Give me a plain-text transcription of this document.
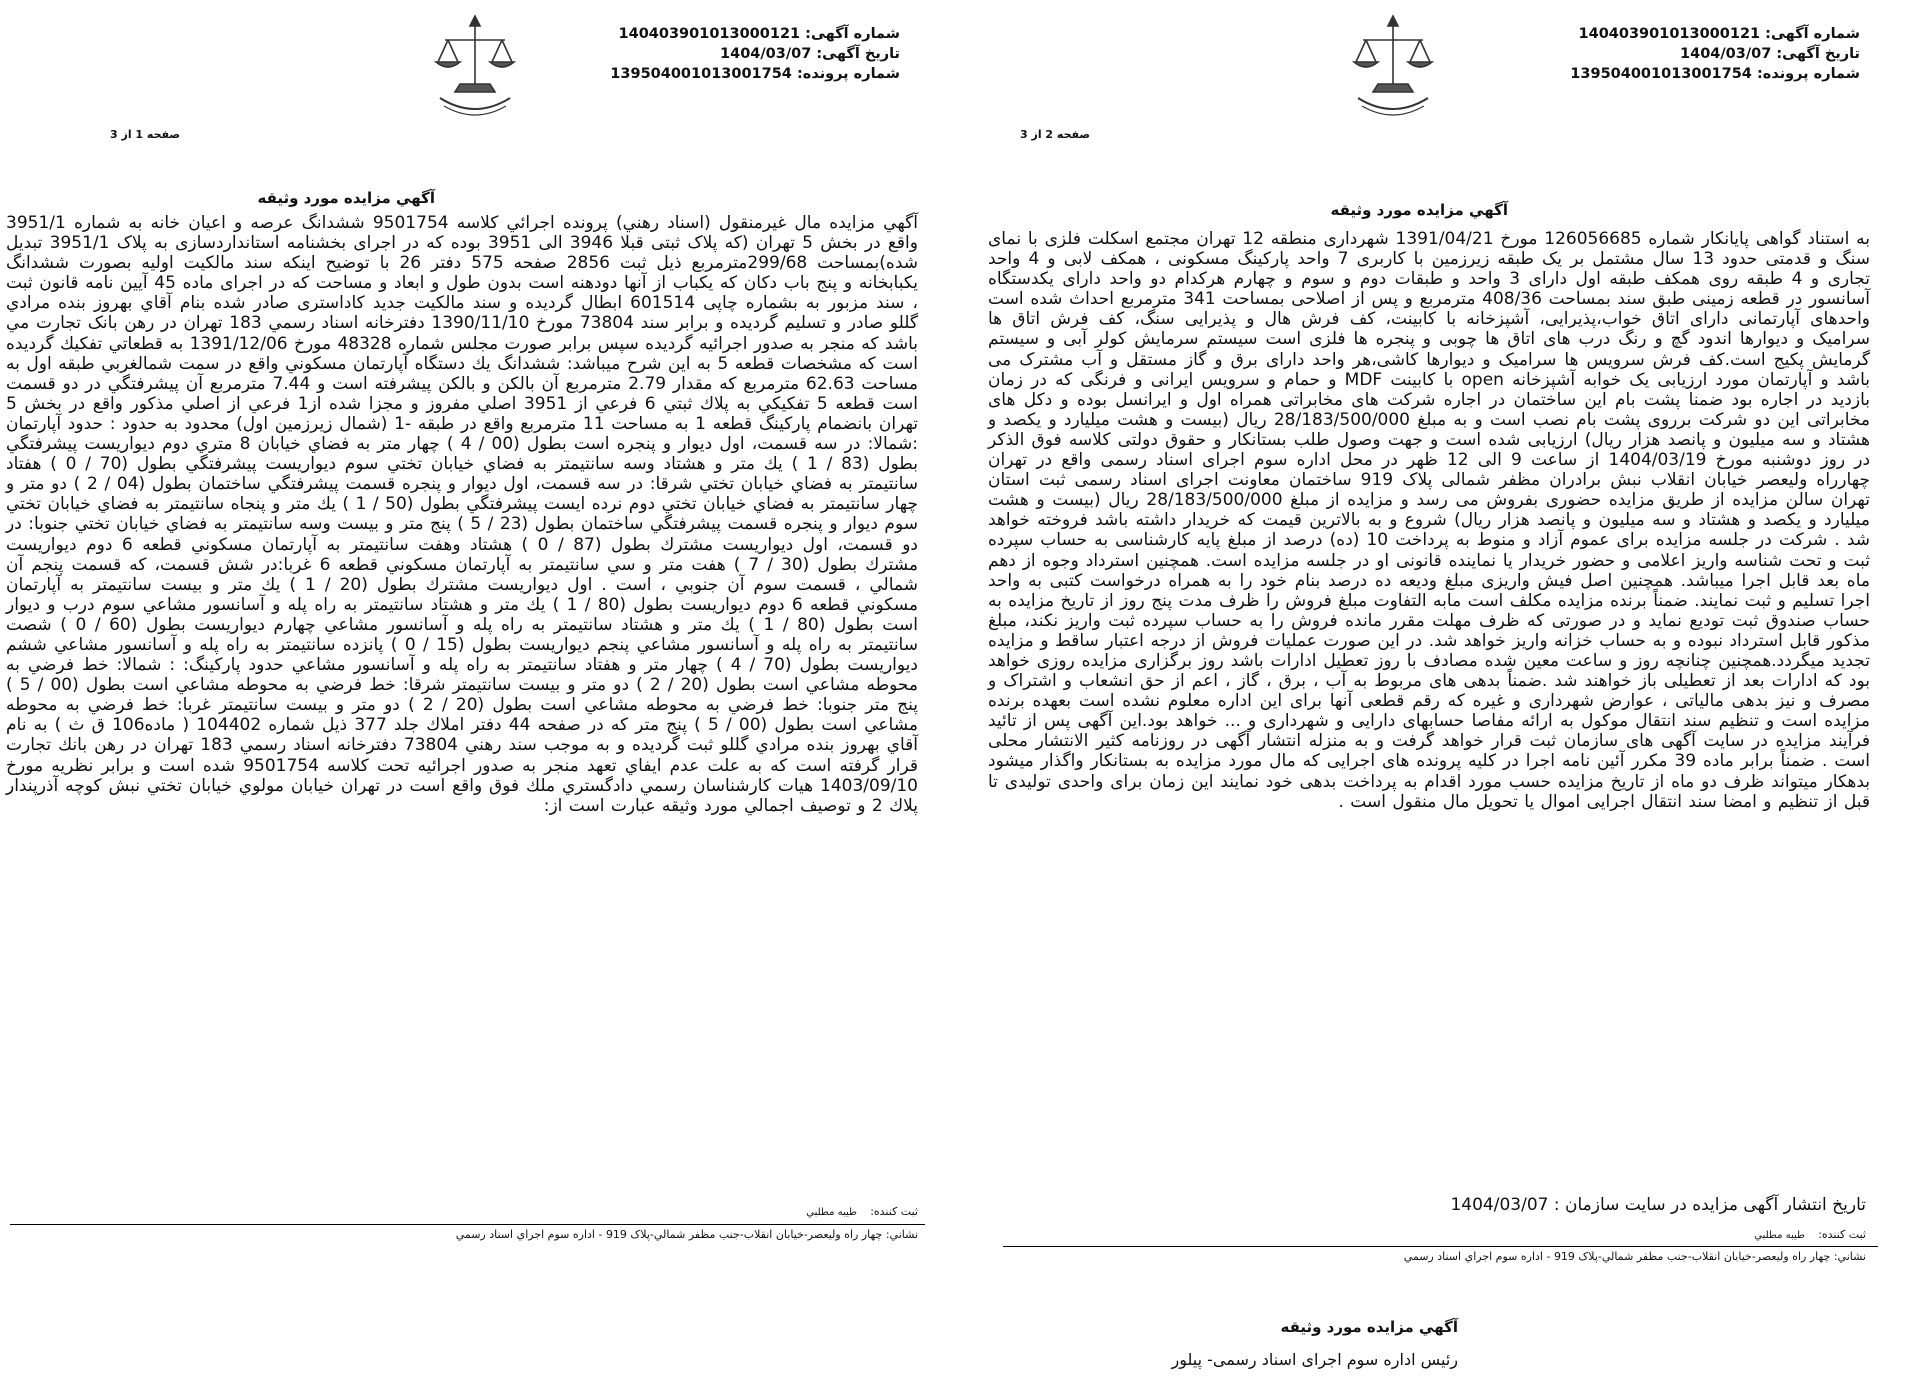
شماره آگهی: 140403901013000121
تاریخ آگهی: 1404/03/07
شماره پرونده: 139504001013001754
صفحه 2 از 3
آگهي مزايده مورد وثيقه
به استناد گواهی پایانکار شماره 126056685 مورخ 1391/04/21 شهرداری منطقه 12 تهران مجتمع اسکلت فلزی با نمای سنگ و قدمتی حدود 13 سال مشتمل بر یک طبقه زیرزمین با کاربری 7 واحد پارکینگ مسکونی ، همکف لابی و 4 واحد تجاری و 4 طبقه روی همکف طبقه اول دارای 3 واحد و طبقات دوم و سوم و چهارم هرکدام دو واحد دارای یکدستگاه آسانسور در قطعه زمینی طبق سند بمساحت 408/36 مترمربع و پس از اصلاحی بمساحت 341 مترمربع احداث شده است واحدهای آپارتمانی دارای اتاق خواب،پذیرایی، آشپزخانه با کابینت، کف فرش هال و پذیرایی سنگ، کف فرش اتاق ها سرامیک و دیوارها اندود گچ و رنگ درب های اتاق ها چوبی و پنجره ها فلزی است سیستم سرمایش کولر آبی و سیستم گرمایش پکیج است.کف فرش سرویس ها سرامیک و دیوارها کاشی،هر واحد دارای برق و گاز مستقل و آب مشترک می باشد و آپارتمان مورد ارزیابی یک خوابه آشپزخانه open با کابینت MDF و حمام و سرویس ایرانی و فرنگی که در زمان بازدید در اجاره بود ضمنا پشت بام این ساختمان در اجاره شرکت های مخابراتی همراه اول و ایرانسل بوده و دکل های مخابراتی این دو شرکت برروی پشت بام نصب است و به مبلغ 28/183/500/000 ریال (بیست و هشت میلیارد و یکصد و هشتاد و سه میلیون و پانصد هزار ریال) ارزیابی شده است و جهت وصول طلب بستانکار و حقوق دولتی کلاسه فوق الذکر در روز دوشنبه مورخ 1404/03/19 از ساعت 9 الی 12 ظهر در محل اداره سوم اجرای اسناد رسمی واقع در تهران چهارراه ولیعصر خیابان انقلاب نبش برادران مظفر شمالی پلاک 919 ساختمان معاونت اجرای اسناد رسمی ثبت استان تهران سالن مزایده از طریق مزایده حضوری بفروش می رسد و مزایده از مبلغ 28/183/500/000 ریال (بیست و هشت میلیارد و یکصد و هشتاد و سه میلیون و پانصد هزار ریال) شروع و به بالاترین قیمت که خریدار داشته باشد فروخته خواهد شد . شرکت در جلسه مزایده برای عموم آزاد و منوط به پرداخت 10 (ده) درصد از مبلغ پایه کارشناسی به حساب سپرده ثبت و تحت شناسه واریز اعلامی و حضور خریدار یا نماینده قانونی او در جلسه مزایده است. همچنین استرداد وجوه از دهم ماه بعد قابل اجرا میباشد. همچنین اصل فیش واریزی مبلغ ودیعه ده درصد بنام خود را به همراه درخواست کتبی به واحد اجرا تسلیم و ثبت نمایند. ضمناً برنده مزایده مکلف است مابه التفاوت مبلغ فروش را ظرف مدت پنج روز از تاریخ مزایده به حساب صندوق ثبت تودیع نماید و در صورتی که ظرف مهلت مقرر مانده فروش را به حساب سپرده ثبت واریز نکند، مبلغ مذکور قابل استرداد نبوده و به حساب خزانه واریز خواهد شد. در این صورت عملیات فروش از درجه اعتبار ساقط و مزایده تجدید میگردد.همچنین چنانچه روز و ساعت معین شده مصادف با روز تعطیل ادارات باشد روز برگزاری مزایده روزی خواهد بود که ادارات بعد از تعطیلی باز خواهند شد .ضمناً بدهی های مربوط به آب ، برق ، گاز ، اعم از حق انشعاب و اشتراک و مصرف و نیز بدهی مالیاتی ، عوارض شهرداری و غیره که رقم قطعی آنها برای این اداره معلوم نشده است بعهده برنده مزایده است و تنظیم سند انتقال موکول به ارائه مفاصا حسابهای دارایی و شهرداری و ... خواهد بود.این آگهی پس از تائید فرآیند مزایده در سایت آگهی های سازمان ثبت قرار خواهد گرفت و به منزله انتشار آگهی در روزنامه کثیر الانتشار محلی است . ضمناً برابر ماده 39 مکرر آئین نامه اجرا در کلیه پرونده های اجرایی که مال مورد مزایده به بستانکار واگذار میشود بدهکار میتواند ظرف دو ماه از تاریخ مزایده حسب مورد اقدام به پرداخت بدهی خود نمایند این زمان برای واحدی تولیدی تا قبل از تنظیم و امضا سند انتقال اجرایی اموال یا تحویل مال منقول است .
تاریخ انتشار آگهی مزایده در سایت سازمان : 1404/03/07
ثبت کننده: طيبه مطلبي
نشاني: چهار راه وليعصر-خيابان انقلاب-جنب مظفر شمالي-پلاک 919 - اداره سوم اجراي اسناد رسمي
شماره آگهی: 140403901013000121
تاریخ آگهی: 1404/03/07
شماره پرونده: 139504001013001754
صفحه 1 از 3
آگهي مزايده مورد وثيقه
آگهي مزايده مال غيرمنقول (اسناد رهني) پرونده اجرائي كلاسه 9501754 ششدانگ عرصه و اعيان خانه به شماره 3951/1 واقع در بخش 5 تهران (که پلاک ثبتی قبلا 3946 الی 3951 بوده که در اجرای بخشنامه استانداردسازی به پلاک 3951/1 تبدیل شده)بمساحت 299/68مترمربع ذیل ثبت 2856 صفحه 575 دفتر 26 با توضیح اینکه سند مالکیت اولیه بصورت ششدانگ یکبابخانه و پنج باب دکان که یکباب از آنها دودهنه است بدون طول و ابعاد و مساحت که در اجرای ماده 45 آیین نامه قانون ثبت ، سند مزبور به بشماره چاپی 601514 ابطال گردیده و سند مالکیت جدید کاداستری صادر شده بنام آقاي بهروز بنده مرادي گللو صادر و تسليم گرديده و برابر سند 73804 مورخ 1390/11/10 دفترخانه اسناد رسمي 183 تهران در رهن بانک تجارت مي باشد كه منجر به صدور اجرائيه گرديده سپس برابر صورت مجلس شماره 48328 مورخ 1391/12/06 به قطعاتي تفكيك گرديده است كه مشخصات قطعه 5 به اين شرح ميباشد: ششدانگ يك دستگاه آپارتمان مسكوني واقع در سمت شمالغربي طبقه اول به مساحت 62.63 مترمربع كه مقدار 2.79 مترمربع آن بالكن و بالكن پيشرفته است و 7.44 مترمربع آن پيشرفتگي در دو قسمت است قطعه 5 تفكيكي به پلاك ثبتي 6 فرعي از 3951 اصلي مفروز و مجزا شده از1 فرعي از اصلي مذكور واقع در بخش 5 تهران بانضمام پاركينگ قطعه 1 به مساحت 11 مترمربع واقع در طبقه -1 (شمال زيرزمين اول) محدود به حدود : حدود آپارتمان :شمالا: در سه قسمت، اول ديوار و پنجره است بطول (00 / 4 ) چهار متر به فضاي خيابان 8 متري دوم ديواريست پيشرفتگي بطول (83 / 1 ) يك متر و هشتاد وسه سانتيمتر به فضاي خيابان تختي سوم ديواريست پيشرفتگي بطول (70 / 0 ) هفتاد سانتيمتر به فضاي خيابان تختي شرقا: در سه قسمت، اول ديوار و پنجره قسمت پيشرفتگي ساختمان بطول (04 / 2 ) دو متر و چهار سانتيمتر به فضاي خيابان تختي دوم نرده ايست پيشرفتگي بطول (50 / 1 ) يك متر و پنجاه سانتيمتر به فضاي خيابان تختي سوم ديوار و پنجره قسمت پيشرفتگي ساختمان بطول (23 / 5 ) پنج متر و بيست وسه سانتيمتر به فضاي خيابان تختي جنوبا: در دو قسمت، اول ديواريست مشترك بطول (87 / 0 ) هشتاد وهفت سانتيمتر به آپارتمان مسكوني قطعه 6 دوم ديواريست مشترك بطول (30 / 7 ) هفت متر و سي سانتيمتر به آپارتمان مسكوني قطعه 6 غربا:در شش قسمت، كه قسمت پنجم آن شمالي ، قسمت سوم آن جنوبي ، است . اول ديواريست مشترك بطول (20 / 1 ) يك متر و بيست سانتيمتر به آپارتمان مسكوني قطعه 6 دوم ديواريست بطول (80 / 1 ) يك متر و هشتاد سانتيمتر به راه پله و آسانسور مشاعي سوم درب و ديوار است بطول (80 / 1 ) يك متر و هشتاد سانتيمتر به راه پله و آسانسور مشاعي چهارم ديواريست بطول (60 / 0 ) شصت سانتيمتر به راه پله و آسانسور مشاعي پنجم ديواريست بطول (15 / 0 ) پانزده سانتيمتر به راه پله و آسانسور مشاعي ششم ديواريست بطول (70 / 4 ) چهار متر و هفتاد سانتيمتر به راه پله و آسانسور مشاعي حدود پاركينگ: : شمالا: خط فرضي به محوطه مشاعي است بطول (20 / 2 ) دو متر و بيست سانتيمتر شرقا: خط فرضي به محوطه مشاعي است بطول (00 / 5 ) پنج متر جنوبا: خط فرضي به محوطه مشاعي است بطول (20 / 2 ) دو متر و بيست سانتيمتر غربا: خط فرضي به محوطه مشاعي است بطول (00 / 5 ) پنج متر كه در صفحه 44 دفتر املاك جلد 377 ذيل شماره 104402 ( ماده106 ق ث ) به نام آقاي بهروز بنده مرادي گللو ثبت گرديده و به موجب سند رهني 73804 دفترخانه اسناد رسمي 183 تهران در رهن بانك تجارت قرار گرفته است كه به علت عدم ايفاي تعهد منجر به صدور اجرائيه تحت كلاسه 9501754 شده است و برابر نظريه مورخ 1403/09/10 هيات كارشناسان رسمي دادگستري ملك فوق واقع است در تهران خيابان مولوي خيابان تختي نبش كوچه آذرپندار پلاك 2 و توصيف اجمالي مورد وثيقه عبارت است از:
ثبت کننده: طيبه مطلبي
نشاني: چهار راه وليعصر-خيابان انقلاب-جنب مظفر شمالي-پلاک 919 - اداره سوم اجراي اسناد رسمي
آگهي مزايده مورد وثيقه
رئيس اداره سوم اجرای اسناد رسمی- پیلور
